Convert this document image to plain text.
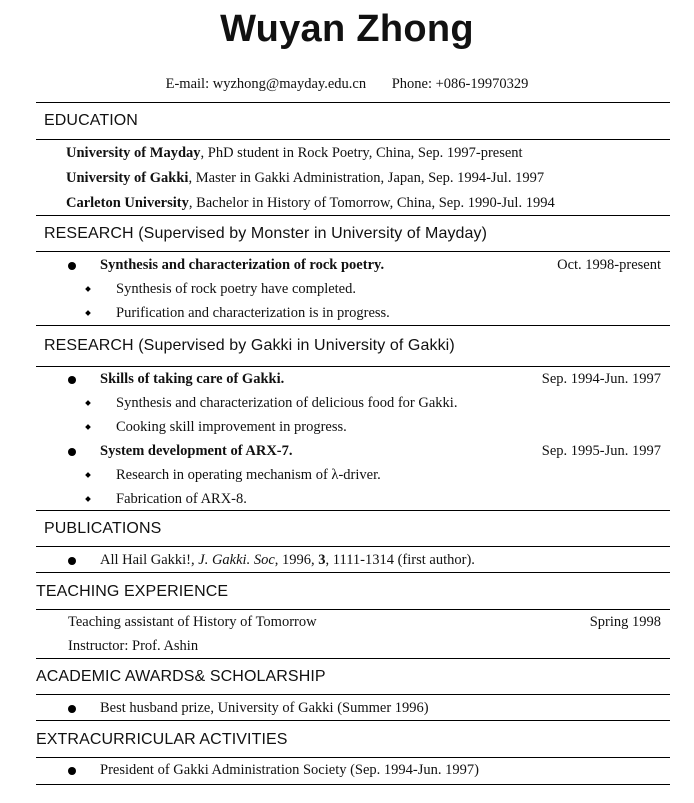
Wuyan Zhong
E-mail: wyzhong@mayday.edu.cn Phone: +086-19970329
EDUCATION
University of Mayday, PhD student in Rock Poetry, China, Sep. 1997-present
University of Gakki, Master in Gakki Administration, Japan, Sep. 1994-Jul. 1997
Carleton University, Bachelor in History of Tomorrow, China, Sep. 1990-Jul. 1994
RESEARCH (Supervised by Monster in University of Mayday)
Synthesis and characterization of rock poetry.	Oct. 1998-present
Synthesis of rock poetry have completed.
Purification and characterization is in progress.
RESEARCH (Supervised by Gakki in University of Gakki)
Skills of taking care of Gakki.	Sep. 1994-Jun. 1997
Synthesis and characterization of delicious food for Gakki.
Cooking skill improvement in progress.
System development of ARX-7.	Sep. 1995-Jun. 1997
Research in operating mechanism of λ-driver.
Fabrication of ARX-8.
PUBLICATIONS
All Hail Gakki!, J. Gakki. Soc, 1996, 3, 1111-1314 (first author).
TEACHING EXPERIENCE
Teaching assistant of History of Tomorrow	Spring 1998
Instructor: Prof. Ashin
ACADEMIC AWARDS& SCHOLARSHIP
Best husband prize, University of Gakki (Summer 1996)
EXTRACURRICULAR ACTIVITIES
President of Gakki Administration Society (Sep. 1994-Jun. 1997)
